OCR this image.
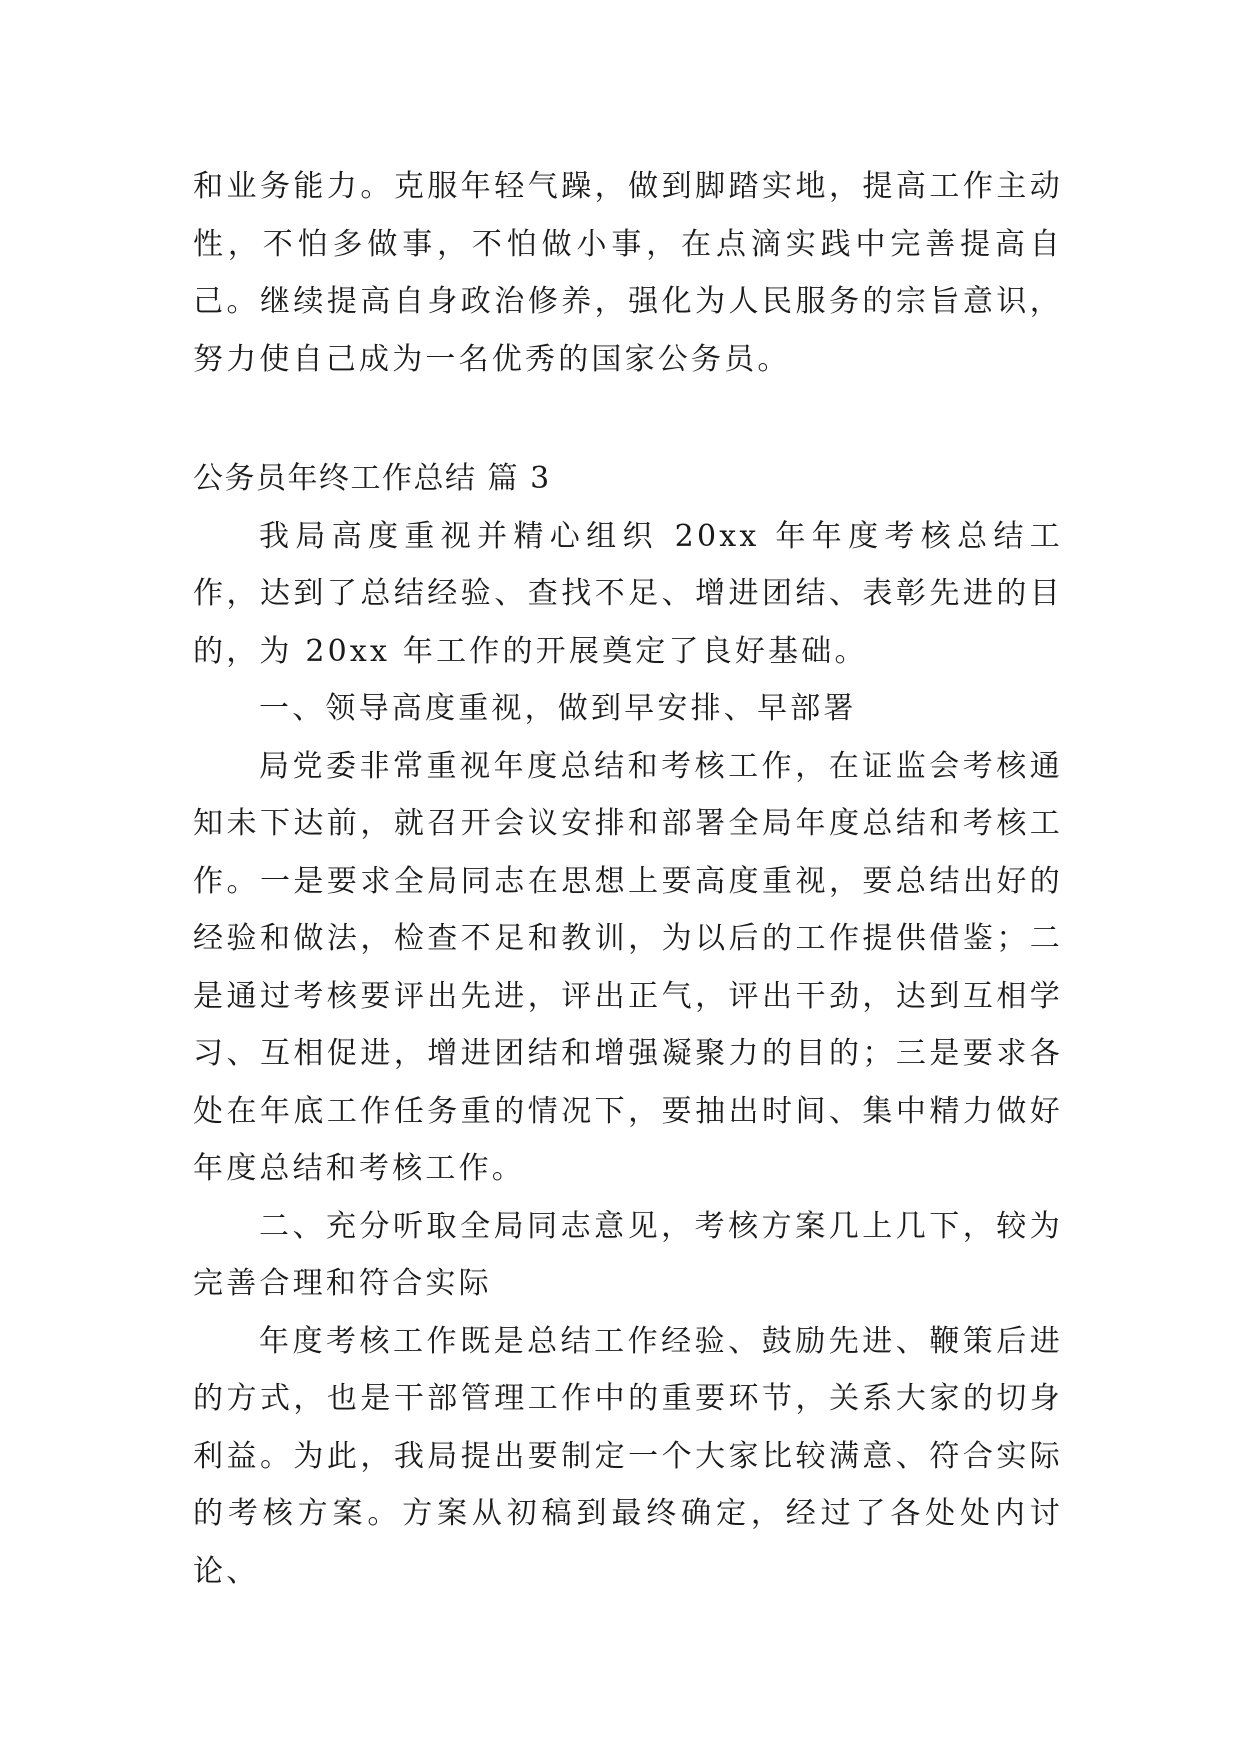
和业务能力。克服年轻气躁，做到脚踏实地，提高工作主动性，不怕多做事，不怕做小事，在点滴实践中完善提高自己。继续提高自身政治修养，强化为人民服务的宗旨意识，努力使自己成为一名优秀的国家公务员。

公务员年终工作总结 篇 3

我局高度重视并精心组织 20xx 年年度考核总结工作，达到了总结经验、查找不足、增进团结、表彰先进的目的，为 20xx 年工作的开展奠定了良好基础。

一、领导高度重视，做到早安排、早部署

局党委非常重视年度总结和考核工作，在证监会考核通知未下达前，就召开会议安排和部署全局年度总结和考核工作。一是要求全局同志在思想上要高度重视，要总结出好的经验和做法，检查不足和教训，为以后的工作提供借鉴；二是通过考核要评出先进，评出正气，评出干劲，达到互相学习、互相促进，增进团结和增强凝聚力的目的；三是要求各处在年底工作任务重的情况下，要抽出时间、集中精力做好年度总结和考核工作。

二、充分听取全局同志意见，考核方案几上几下，较为完善合理和符合实际

年度考核工作既是总结工作经验、鼓励先进、鞭策后进的方式，也是干部管理工作中的重要环节，关系大家的切身利益。为此，我局提出要制定一个大家比较满意、符合实际的考核方案。方案从初稿到最终确定，经过了各处处内讨论、
